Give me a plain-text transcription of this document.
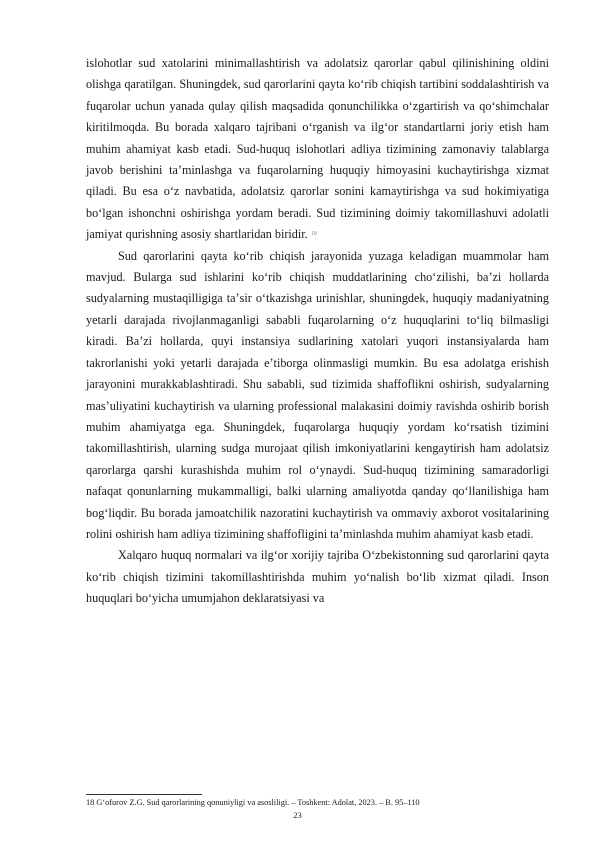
islohotlar sud xatolarini minimallashtirish va adolatsiz qarorlar qabul qilinishining oldini olishga qaratilgan. Shuningdek, sud qarorlarini qayta koʻrib chiqish tartibini soddalashtirish va fuqarolar uchun yanada qulay qilish maqsadida qonunchilikka oʻzgartirish va qoʻshimchalar kiritilmoqda. Bu borada xalqaro tajribani oʻrganish va ilgʻor standartlarni joriy etish ham muhim ahamiyat kasb etadi. Sud-huquq islohotlari adliya tizimining zamonaviy talablarga javob berishini taʼminlashga va fuqarolarning huquqiy himoyasini kuchaytirishga xizmat qiladi. Bu esa oʻz navbatida, adolatsiz qarorlar sonini kamaytirishga va sud hokimiyatiga boʻlgan ishonchni oshirishga yordam beradi. Sud tizimining doimiy takomillashuvi adolatli jamiyat qurishning asosiy shartlaridan biridir. $^{18}$

Sud qarorlarini qayta koʻrib chiqish jarayonida yuzaga keladigan muammolar ham mavjud. Bularga sud ishlarini koʻrib chiqish muddatlarining choʻzilishi, baʼzi hollarda sudyalarning mustaqilligiga taʼsir oʻtkazishga urinishlar, shuningdek, huquqiy madaniyatning yetarli darajada rivojlanmaganligi sababli fuqarolarning oʻz huquqlarini toʻliq bilmasligi kiradi. Baʼzi hollarda, quyi instansiya sudlarining xatolari yuqori instansiyalarda ham takrorlanishi yoki yetarli darajada eʼtiborga olinmasligi mumkin. Bu esa adolatga erishish jarayonini murakkablashtiradi. Shu sababli, sud tizimida shaffoflikni oshirish, sudyalarning masʼuliyatini kuchaytirish va ularning professional malakasini doimiy ravishda oshirib borish muhim ahamiyatga ega. Shuningdek, fuqarolarga huquqiy yordam koʻrsatish tizimini takomillashtirish, ularning sudga murojaat qilish imkoniyatlarini kengaytirish ham adolatsiz qarorlarga qarshi kurashishda muhim rol oʻynaydi. Sud-huquq tizimining samaradorligi nafaqat qonunlarning mukammalligi, balki ularning amaliyotda qanday qoʻllanilishiga ham bogʻliqdir. Bu borada jamoatchilik nazoratini kuchaytirish va ommaviy axborot vositalarining rolini oshirish ham adliya tizimining shaffofligini taʼminlashda muhim ahamiyat kasb etadi.

Xalqaro huquq normalari va ilgʻor xorijiy tajriba Oʻzbekistonning sud qarorlarini qayta koʻrib chiqish tizimini takomillashtirishda muhim yoʻnalish boʻlib xizmat qiladi. Inson huquqlari boʻyicha umumjahon deklaratsiyasi va

18 Gʻofurov Z.G. Sud qarorlarining qonuniyligi va asosliligi. – Toshkent: Adolat, 2023. – B. 95–110
23
